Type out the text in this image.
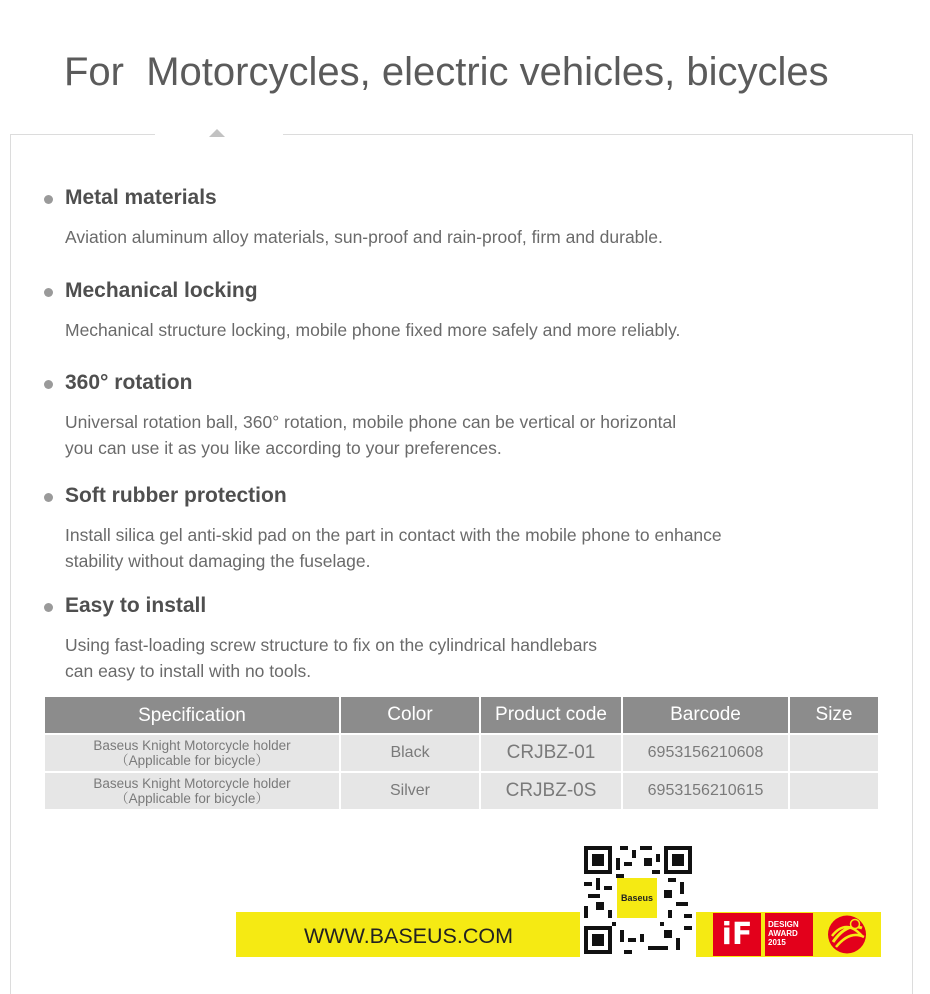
For  Motorcycles, electric vehicles, bicycles
Metal materials
Aviation aluminum alloy materials, sun-proof and rain-proof, firm and durable.
Mechanical locking
Mechanical structure locking, mobile phone fixed more safely and more reliably.
360° rotation
Universal rotation ball, 360° rotation, mobile phone can be vertical or horizontal
you can use it as you like according to your preferences.
Soft rubber protection
Install silica gel anti-skid pad on the part in contact with the mobile phone to enhance
stability without damaging the fuselage.
Easy to install
Using fast-loading screw structure to fix on the cylindrical handlebars
can easy to install with no tools.
Specification	Color	Product code	Barcode	Size

Baseus Knight Motorcycle holder
（Applicable for bicycle）	Black	CRJBZ-01	6953156210608	

Baseus Knight Motorcycle holder
（Applicable for bicycle）	Silver	CRJBZ-0S	6953156210615	
WWW.BASEUS.COM
Baseus
iF	DESIGN
AWARD
2015
